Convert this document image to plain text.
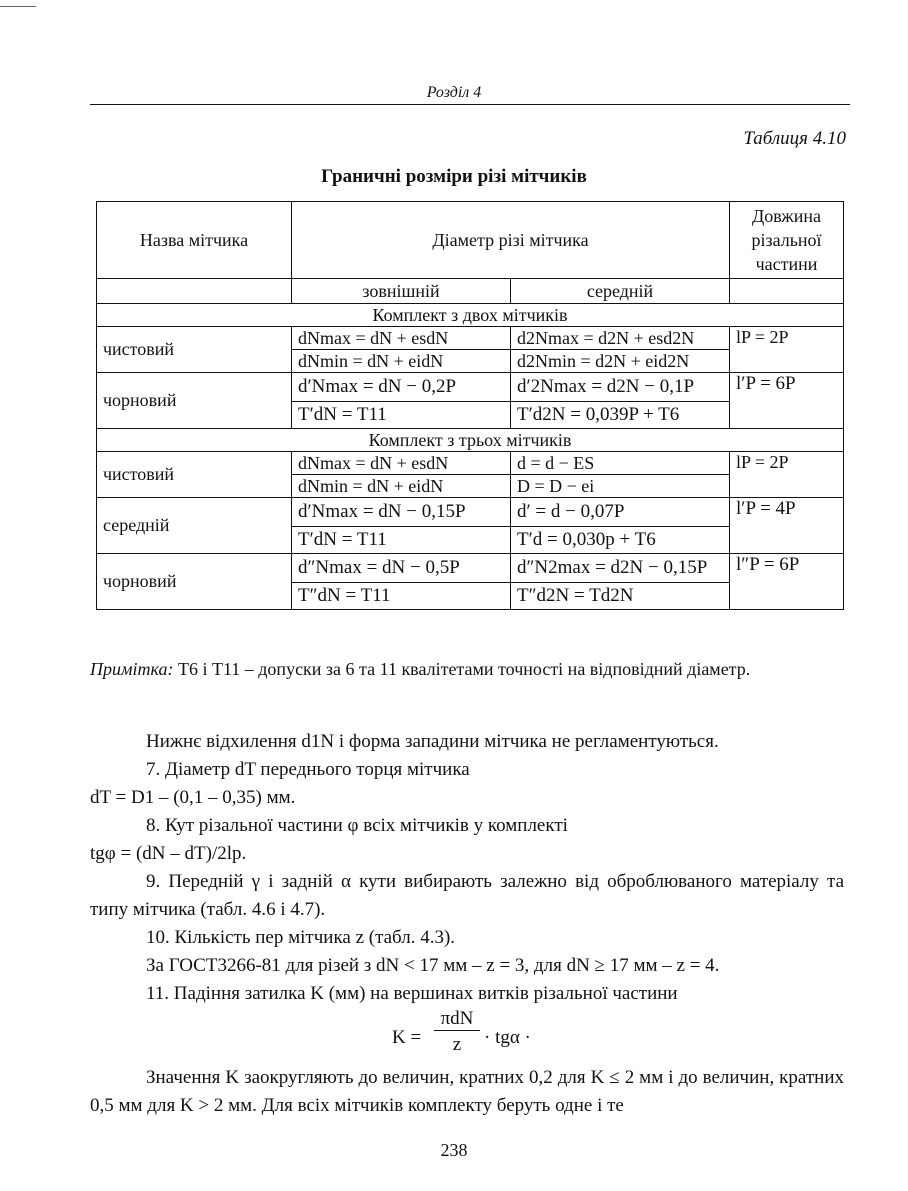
Розділ 4
Таблиця 4.10
Граничні розміри різі мітчиків
Назва мітчика	Діаметр різі мітчика		Довжина різальної частини
	зовнішній	середній	
Комплект з двох мітчиків			
чистовий	dNmax = dN + esdN	d2Nmax = d2N + esd2N	lP = 2P
	dNmin = dN + eidN	d2Nmin = d2N + eid2N	
чорновий	d′Nmax = dN − 0,2P	d′2Nmax = d2N − 0,1P	l′P = 6P
	T′dN = T11	T′d2N = 0,039P + T6	
Комплект з трьох мітчиків			
чистовий	dNmax = dN + esdN	d = d − ES	lP = 2P
	dNmin = dN + eidN	D = D − ei	
середній	d′Nmax = dN − 0,15P	d′ = d − 0,07P	l′P = 4P
	T′dN = T11	T′d = 0,030p + T6	
чорновий	d″Nmax = dN − 0,5P	d″N2max = d2N − 0,15P	l″P = 6P
	T″dN = T11	T″d2N = Td2N	
Примітка: T6 і T11 – допуски за 6 та 11 квалітетами точності на відповідний діаметр.

Нижнє відхилення d1N і форма западини мітчика не регламентуються.

7. Діаметр dT переднього торця мітчика

dT = D1 – (0,1 – 0,35) мм.

8. Кут різальної частини φ всіх мітчиків у комплекті

tgφ = (dN – dT)/2lp.

9. Передній γ і задній α кути вибирають залежно від оброблюваного матеріалу та типу мітчика (табл. 4.6 і 4.7).

10. Кількість пер мітчика z (табл. 4.3).

За ГОСТ3266-81 для різей з dN < 17 мм – z = 3, для dN ≥ 17 мм – z = 4.

11. Падіння затилка K (мм) на вершинах витків різальної частини

K =
πdN
z	· tgα ·

Значення K заокругляють до величин, кратних 0,2 для K ≤ 2 мм і до величин, кратних 0,5 мм для K > 2 мм. Для всіх мітчиків комплекту беруть одне і те

238
